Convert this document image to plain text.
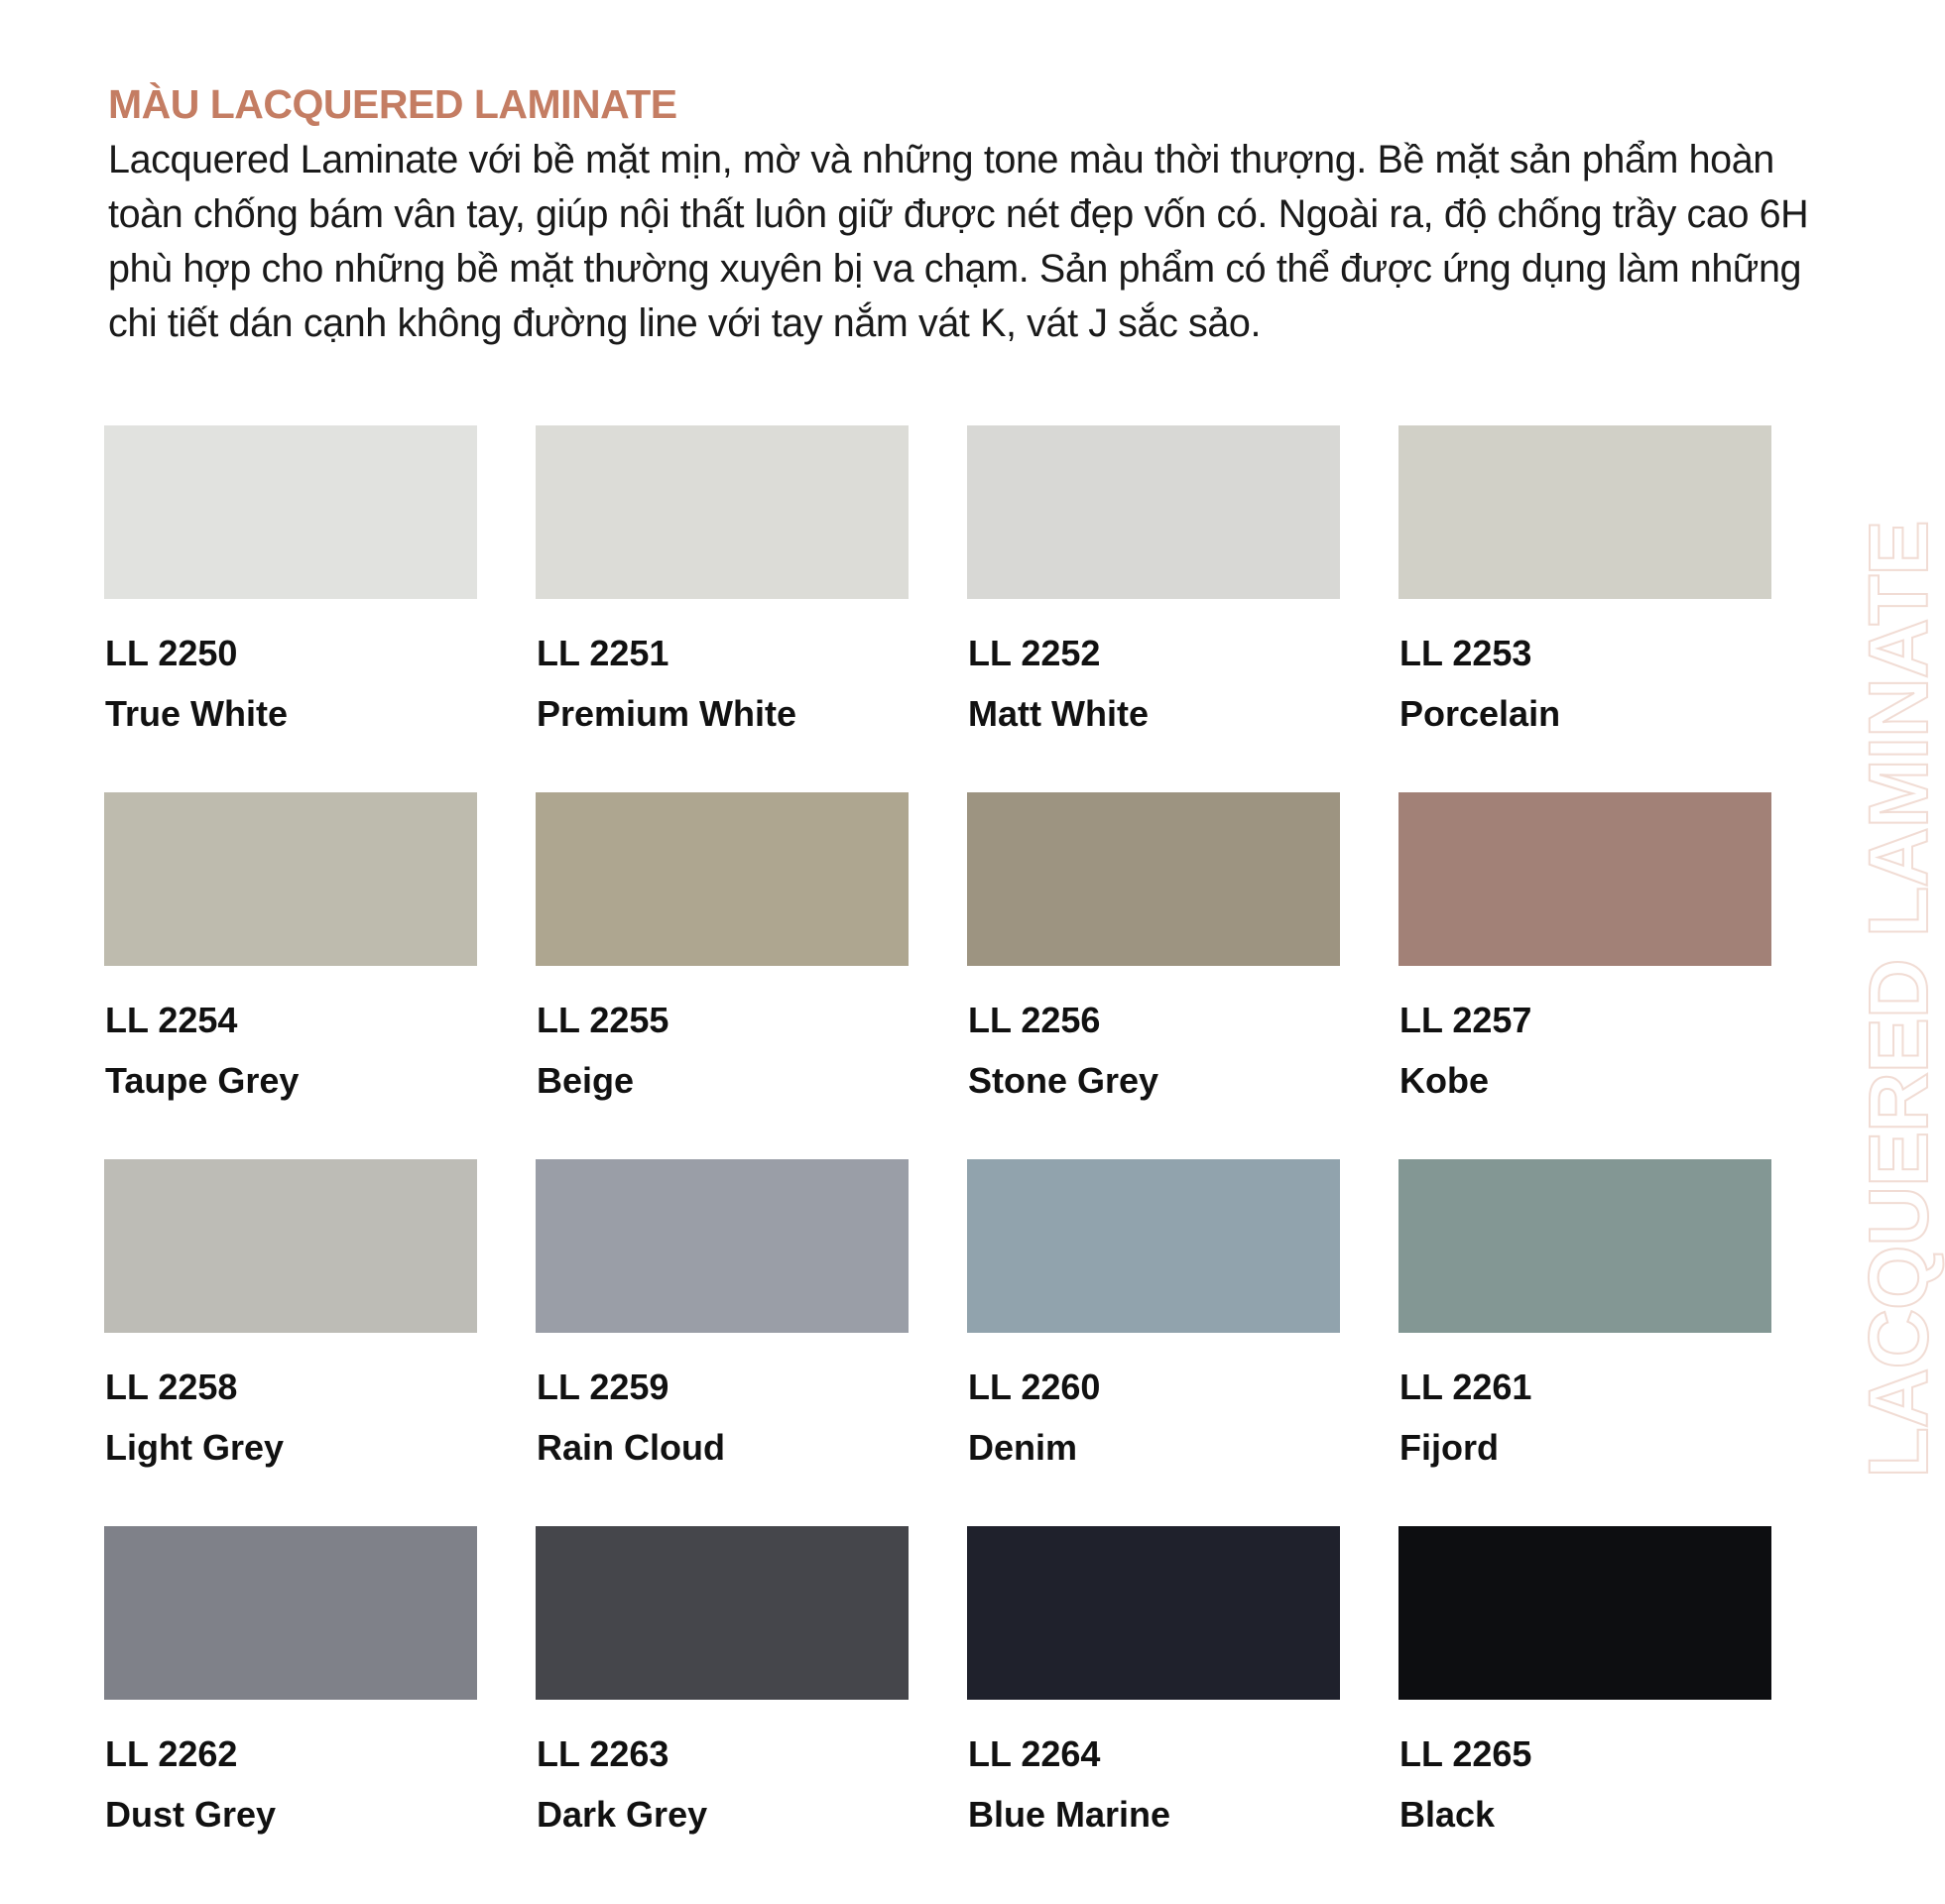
MÀU LACQUERED LAMINATE

Lacquered Laminate với bề mặt mịn, mờ và những tone màu thời thượng. Bề mặt sản phẩm hoàn toàn chống bám vân tay, giúp nội thất luôn giữ được nét đẹp vốn có. Ngoài ra, độ chống trầy cao 6H phù hợp cho những bề mặt thường xuyên bị va chạm. Sản phẩm có thể được ứng dụng làm những chi tiết dán cạnh không đường line với tay nắm vát K, vát J sắc sảo.

LL 2250
True White
LL 2251
Premium White
LL 2252
Matt White
LL 2253
Porcelain
LL 2254
Taupe Grey
LL 2255
Beige
LL 2256
Stone Grey
LL 2257
Kobe
LL 2258
Light Grey
LL 2259
Rain Cloud
LL 2260
Denim
LL 2261
Fijord
LL 2262
Dust Grey
LL 2263
Dark Grey
LL 2264
Blue Marine
LL 2265
Black
LACQUERED LAMINATE
